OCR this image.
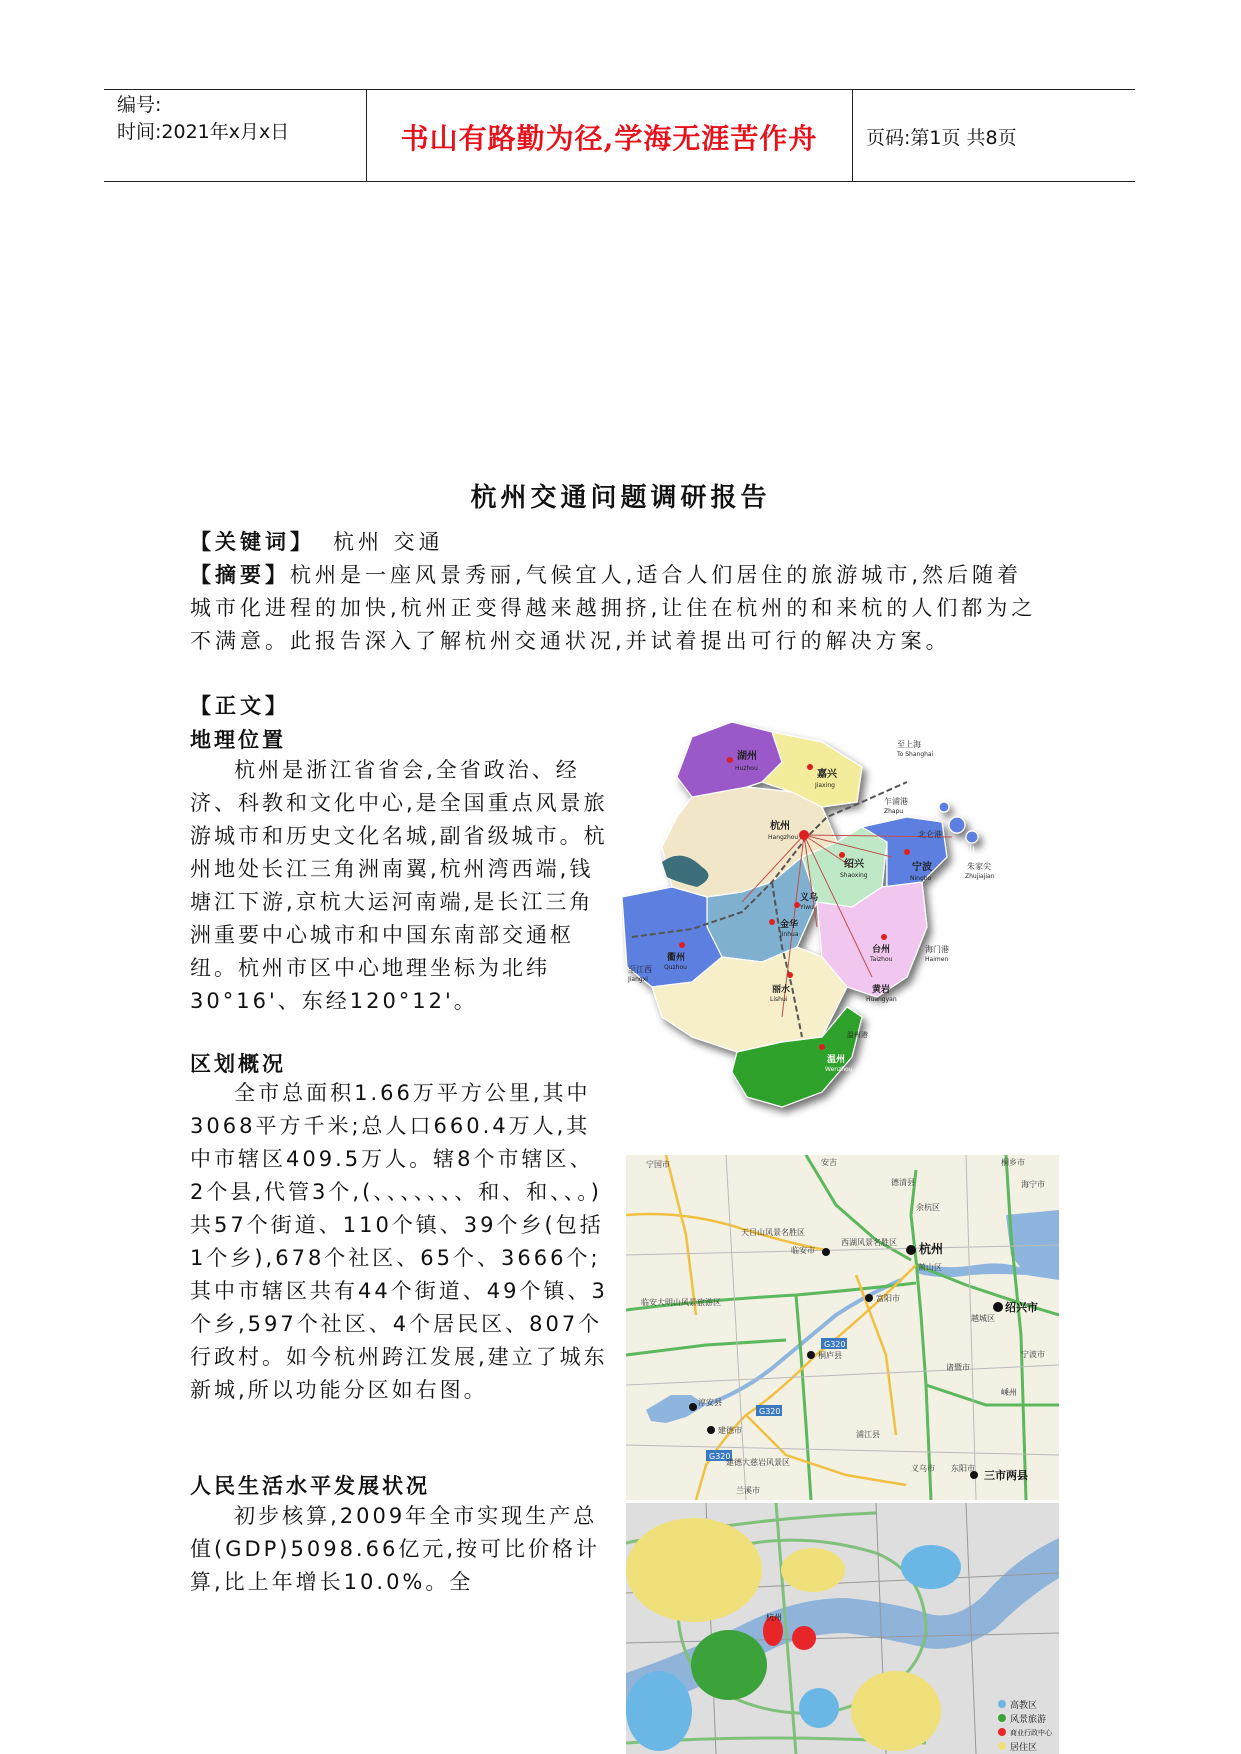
编号:
时间:2021年x月x日	书山有路勤为径,学海无涯苦作舟	页码:第1页 共8页
杭州交通问题调研报告
【关键词】 杭州 交通
【摘要】杭州是一座风景秀丽,气候宜人,适合人们居住的旅游城市,然后随着城市化进程的加快,杭州正变得越来越拥挤,让住在杭州的和来杭的人们都为之不满意。此报告深入了解杭州交通状况,并试着提出可行的解决方案。
【正文】
地理位置

杭州是浙江省省会,全省政治、经济、科教和文化中心,是全国重点风景旅游城市和历史文化名城,副省级城市。杭州地处长江三角洲南翼,杭州湾西端,钱塘江下游,京杭大运河南端,是长江三角洲重要中心城市和中国东南部交通枢纽。杭州市区中心地理坐标为北纬30°16'、东经120°12'。

区划概况

全市总面积1.66万平方公里,其中3068平方千米;总人口660.4万人,其中市辖区409.5万人。辖8个市辖区、2个县,代管3个,(、、、、、、、和、和、、。)共57个街道、110个镇、39个乡(包括1个乡),678个社区、65个、3666个;其中市辖区共有44个街道、49个镇、3个乡,597个社区、4个居民区、807个行政村。如今杭州跨江发展,建立了城东新城,所以功能分区如右图。

人民生活水平发展状况

初步核算,2009年全市实现生产总值(GDP)5098.66亿元,按可比价格计算,比上年增长10.0%。全

湖州
Huzhou
嘉兴
Jiaxing
至上海
To Shanghai
乍浦港
Zhapu
杭州
Hangzhou
绍兴
Shaoxing
北仑港
舟山
宁波
Ningbo
朱家尖
Zhujiajian
义乌
Yiwu
金华
Jinhua
衢州
Quzhou
至江西
Jiangxi
台州
Taizhou
海门港
Haimen
丽水
Lishui
黄岩
Huangyan
温州
Wenzhou
温州港
G320
G320
G320
宁国市	安吉
德清县
桐乡市
海宁市
余杭区
天目山风景名胜区
西湖风景名胜区
临安市	杭州
萧山区
临安大明山风景旅游区	富阳市
越城区
绍兴市
桐庐县
诸暨市
宁波市
淳安县
嵊州
建德市	浦江县
建德大慈岩风景区
义乌市 东阳市
兰溪市
三市两县
杭州
高教区
风景旅游
商业行政中心
居住区
